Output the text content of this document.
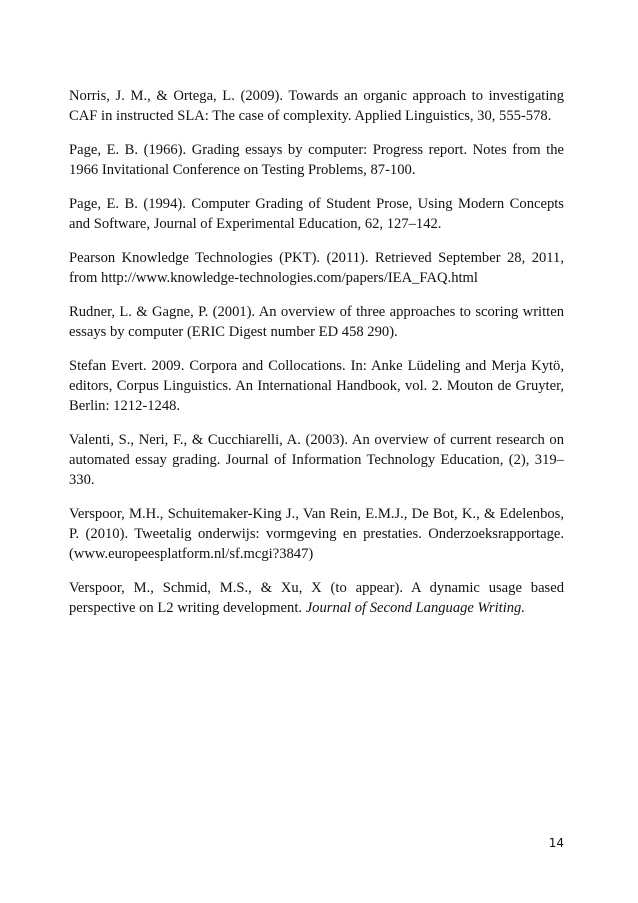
Norris, J. M., & Ortega, L. (2009). Towards an organic approach to investigating CAF in instructed SLA: The case of complexity. Applied Linguistics, 30, 555-578.

Page, E. B. (1966). Grading essays by computer: Progress report. Notes from the 1966 Invitational Conference on Testing Problems, 87-100.

Page, E. B. (1994). Computer Grading of Student Prose, Using Modern Concepts and Software, Journal of Experimental Education, 62, 127–142.

Pearson Knowledge Technologies (PKT). (2011). Retrieved September 28, 2011, from http://www.knowledge-technologies.com/papers/IEA_FAQ.html

Rudner, L. & Gagne, P. (2001). An overview of three approaches to scoring written essays by computer (ERIC Digest number ED 458 290).

Stefan Evert. 2009. Corpora and Collocations. In: Anke Lüdeling and Merja Kytö, editors, Corpus Linguistics. An International Handbook, vol. 2. Mouton de Gruyter, Berlin: 1212-1248.

Valenti, S., Neri, F., & Cucchiarelli, A. (2003). An overview of current research on automated essay grading. Journal of Information Technology Education, (2), 319–330.

Verspoor, M.H., Schuitemaker-King J., Van Rein, E.M.J., De Bot, K., & Edelenbos, P. (2010). Tweetalig onderwijs: vormgeving en prestaties. Onderzoeksrapportage. (www.europeesplatform.nl/sf.mcgi?3847)

Verspoor, M., Schmid, M.S., & Xu, X (to appear). A dynamic usage based perspective on L2 writing development. Journal of Second Language Writing.

14
